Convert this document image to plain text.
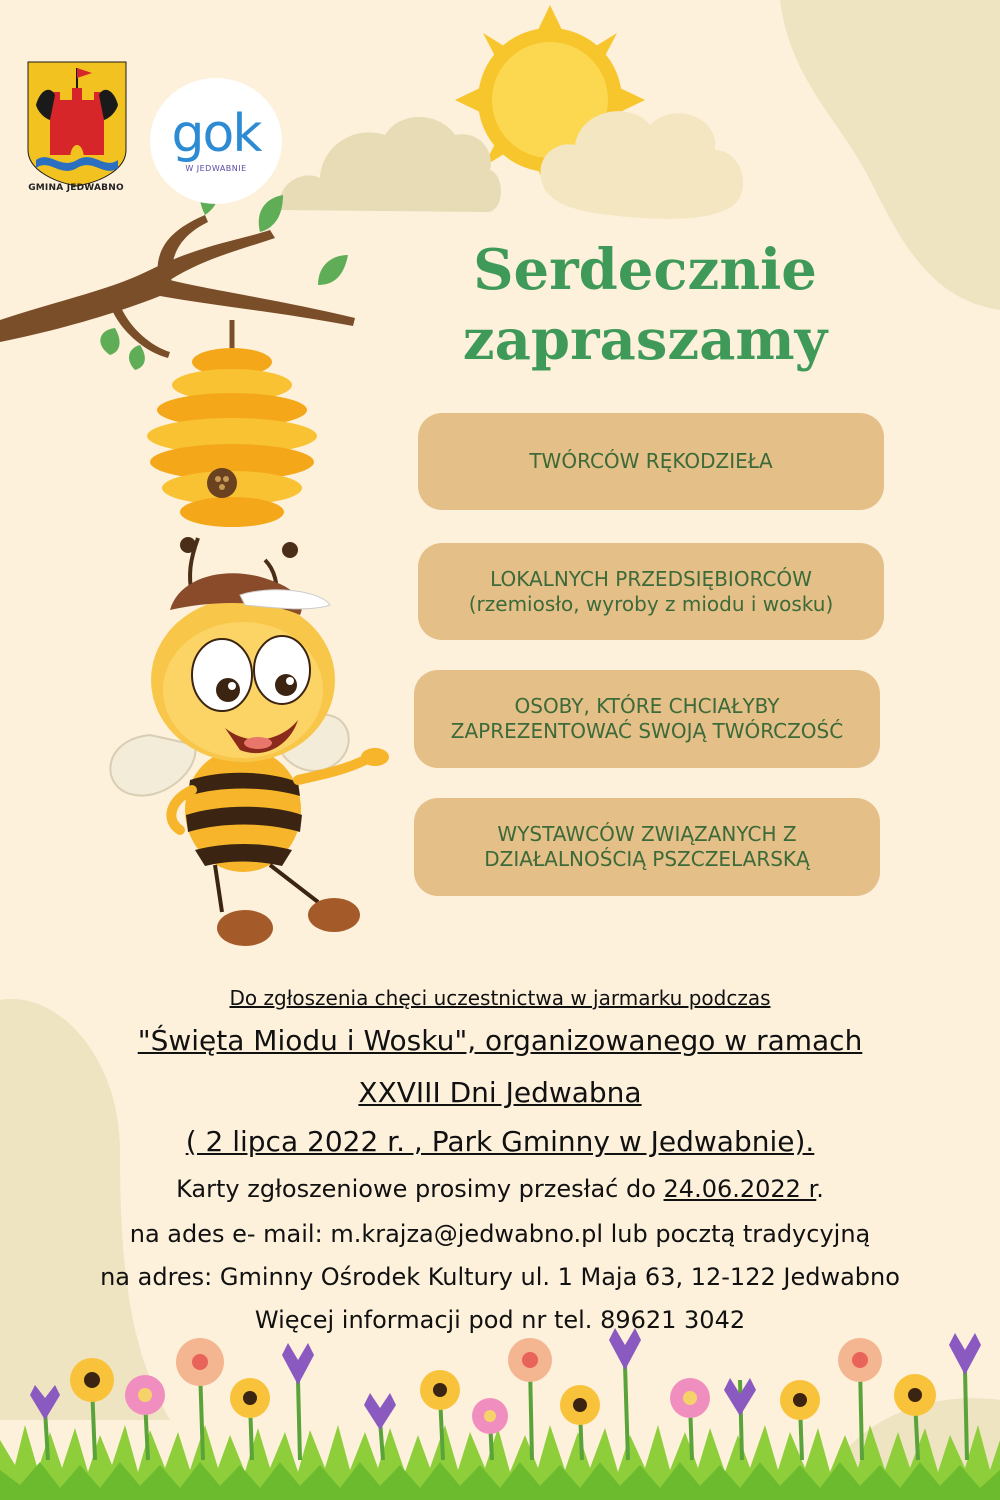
GMINA JEDWABNO
gok
W JEDWABNIE
Serdecznie
zapraszamy
TWÓRCÓW RĘKODZIEŁA
LOKALNYCH PRZEDSIĘBIORCÓW (rzemiosło, wyroby z miodu i wosku)
OSOBY, KTÓRE CHCIAŁYBY ZAPREZENTOWAĆ SWOJĄ TWÓRCZOŚĆ
WYSTAWCÓW ZWIĄZANYCH Z DZIAŁALNOŚCIĄ PSZCZELARSKĄ
Do zgłoszenia chęci uczestnictwa w jarmarku podczas
"Święta Miodu i Wosku", organizowanego w ramach
XXVIII Dni Jedwabna
( 2 lipca 2022 r. , Park Gminny w Jedwabnie).
Karty zgłoszeniowe prosimy przesłać do 24.06.2022 r.
na ades e- mail: m.krajza@jedwabno.pl lub pocztą tradycyjną
na adres: Gminny Ośrodek Kultury ul. 1 Maja 63, 12-122 Jedwabno
Więcej informacji pod nr tel. 89621 3042
